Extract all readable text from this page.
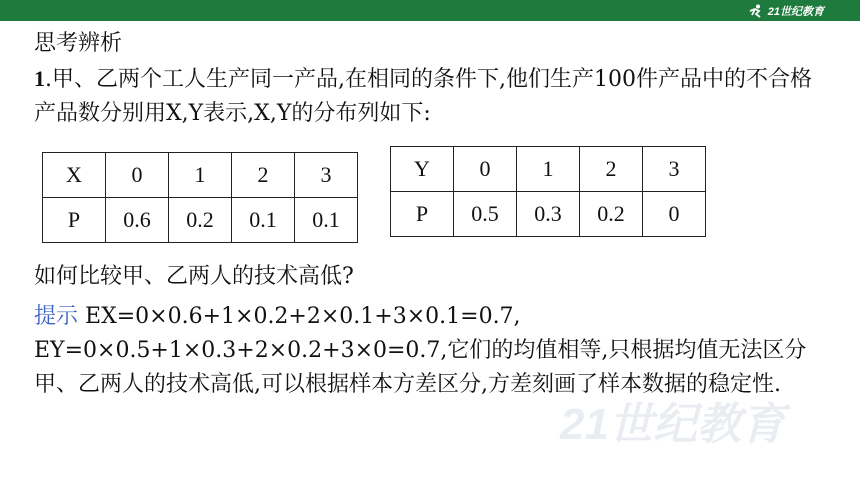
21世纪教育
思考辨析
1.甲、乙两个工人生产同一产品,在相同的条件下,他们生产100件产品中的不合格产品数分别用X,Y表示,X,Y的分布列如下:
X	0	1	2	3
P	0.6	0.2	0.1	0.1
Y	0	1	2	3
P	0.5	0.3	0.2	0
如何比较甲、乙两人的技术高低?
提示 EX=0×0.6+1×0.2+2×0.1+3×0.1=0.7,
EY=0×0.5+1×0.3+2×0.2+3×0=0.7,它们的均值相等,只根据均值无法区分甲、乙两人的技术高低,可以根据样本方差区分,方差刻画了样本数据的稳定性.
21世纪教育
